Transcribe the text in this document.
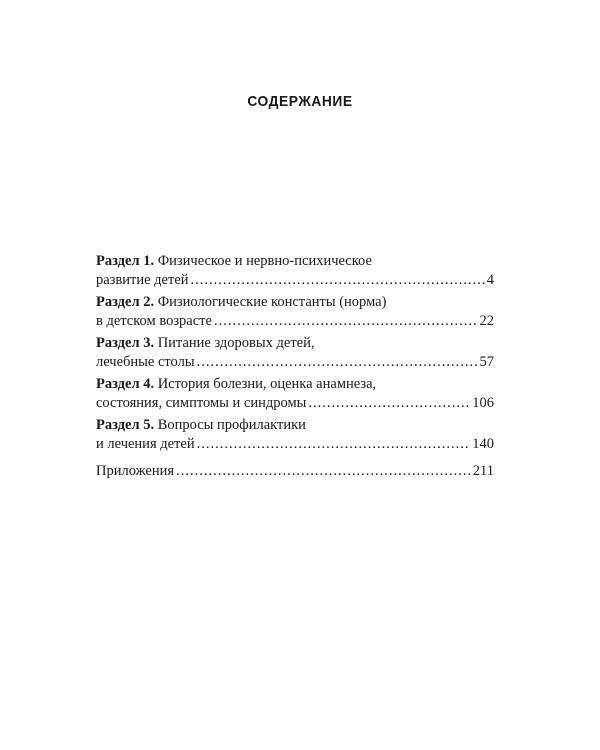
СОДЕРЖАНИЕ
Раздел 1. Физическое и нервно-психическое
развитие детей .....	4
Раздел 2. Физиологические константы (норма)
в детском возрасте .....	22
Раздел 3. Питание здоровых детей,
лечебные столы .....	57
Раздел 4. История болезни, оценка анамнеза,
состояния, симптомы и синдромы .....	106
Раздел 5. Вопросы профилактики
и лечения детей .....	140
Приложения .....	211
